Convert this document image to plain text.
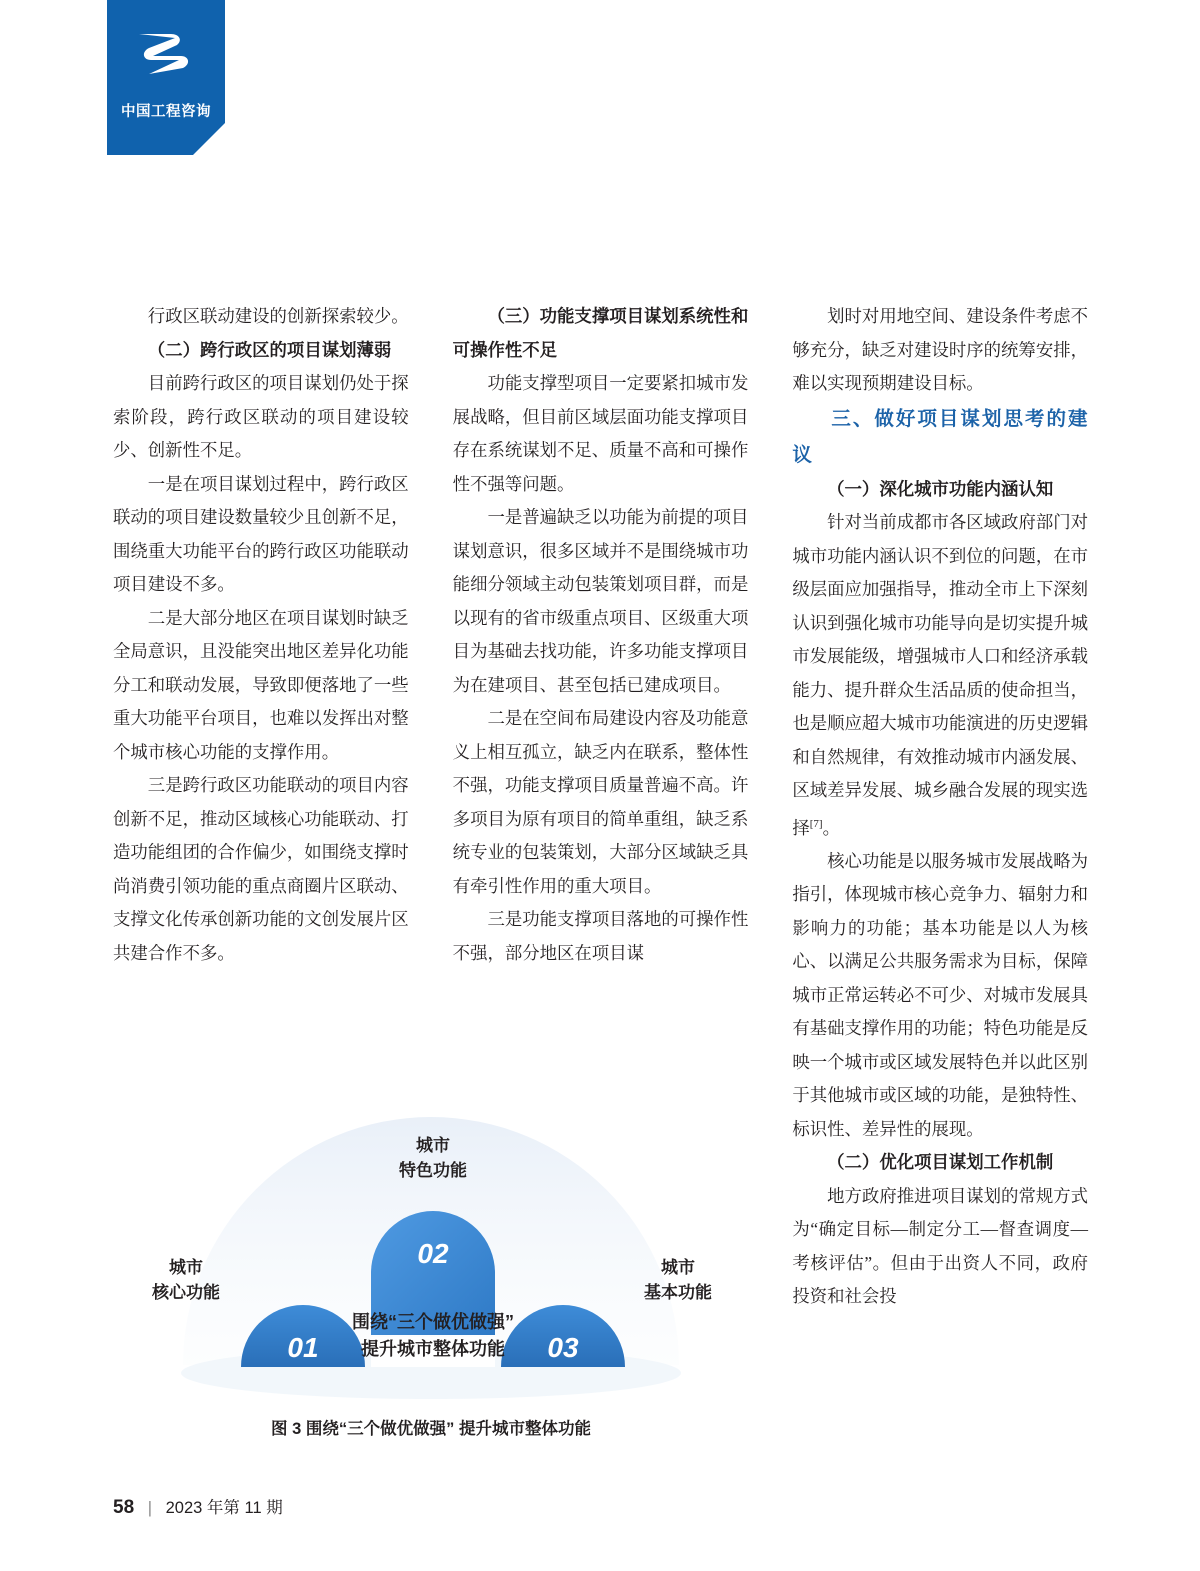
中国工程咨询

行政区联动建设的创新探索较少。

（二）跨行政区的项目谋划薄弱

目前跨行政区的项目谋划仍处于探索阶段，跨行政区联动的项目建设较少、创新性不足。

一是在项目谋划过程中，跨行政区联动的项目建设数量较少且创新不足，围绕重大功能平台的跨行政区功能联动项目建设不多。

二是大部分地区在项目谋划时缺乏全局意识，且没能突出地区差异化功能分工和联动发展，导致即便落地了一些重大功能平台项目，也难以发挥出对整个城市核心功能的支撑作用。

三是跨行政区功能联动的项目内容创新不足，推动区域核心功能联动、打造功能组团的合作偏少，如围绕支撑时尚消费引领功能的重点商圈片区联动、支撑文化传承创新功能的文创发展片区共建合作不多。

（三）功能支撑项目谋划系统性和可操作性不足

功能支撑型项目一定要紧扣城市发展战略，但目前区域层面功能支撑项目存在系统谋划不足、质量不高和可操作性不强等问题。

一是普遍缺乏以功能为前提的项目谋划意识，很多区域并不是围绕城市功能细分领域主动包装策划项目群，而是以现有的省市级重点项目、区级重大项目为基础去找功能，许多功能支撑项目为在建项目、甚至包括已建成项目。

二是在空间布局建设内容及功能意义上相互孤立，缺乏内在联系，整体性不强，功能支撑项目质量普遍不高。许多项目为原有项目的简单重组，缺乏系统专业的包装策划，大部分区域缺乏具有牵引性作用的重大项目。

三是功能支撑项目落地的可操作性不强，部分地区在项目谋

划时对用地空间、建设条件考虑不够充分，缺乏对建设时序的统筹安排，难以实现预期建设目标。

三、做好项目谋划思考的建议

（一）深化城市功能内涵认知

针对当前成都市各区域政府部门对城市功能内涵认识不到位的问题，在市级层面应加强指导，推动全市上下深刻认识到强化城市功能导向是切实提升城市发展能级，增强城市人口和经济承载能力、提升群众生活品质的使命担当，也是顺应超大城市功能演进的历史逻辑和自然规律，有效推动城市内涵发展、区域差异发展、城乡融合发展的现实选择[7]。

核心功能是以服务城市发展战略为指引，体现城市核心竞争力、辐射力和影响力的功能；基本功能是以人为核心、以满足公共服务需求为目标，保障城市正常运转必不可少、对城市发展具有基础支撑作用的功能；特色功能是反映一个城市或区域发展特色并以此区别于其他城市或区域的功能，是独特性、标识性、差异性的展现。

（二）优化项目谋划工作机制

地方政府推进项目谋划的常规方式为“确定目标—制定分工—督查调度—考核评估”。但由于出资人不同，政府投资和社会投

01
02
03
城市
核心功能
城市
特色功能
城市
基本功能
围绕“三个做优做强”
提升城市整体功能
图 3 围绕“三个做优做强” 提升城市整体功能
58 | 2023 年第 11 期
